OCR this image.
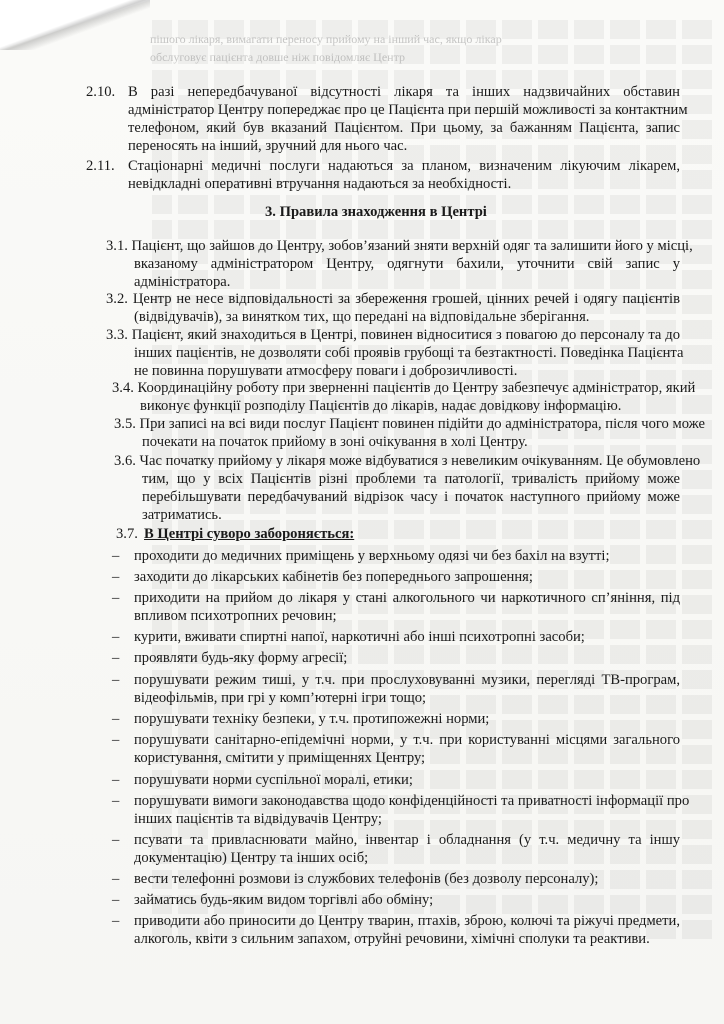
пішого лікаря, вимагати переносу прийому на інший час, якщо лікар
обслуговує пацієнта довше ніж повідомляє Центр
2.10. В разі непередбачуваної відсутності лікаря та інших надзвичайних обставин
адміністратор Центру попереджає про це Пацієнта при першій можливості за контактним
телефоном, який був вказаний Пацієнтом. При цьому, за бажанням Пацієнта, запис
переносять на інший, зручний для нього час.
2.11. Стаціонарні медичні послуги надаються за планом, визначеним лікуючим лікарем,
невідкладні оперативні втручання надаються за необхідності.
3. Правила знаходження в Центрі
3.1. Пацієнт, що зайшов до Центру, зобов’язаний зняти верхній одяг та залишити його у місці,
вказаному адміністратором Центру, одягнути бахили, уточнити свій запис у
адміністратора.
3.2. Центр не несе відповідальності за збереження грошей, цінних речей і одягу пацієнтів
(відвідувачів), за винятком тих, що передані на відповідальне зберігання.
3.3. Пацієнт, який знаходиться в Центрі, повинен відноситися з повагою до персоналу та до
інших пацієнтів, не дозволяти собі проявів грубощі та безтактності. Поведінка Пацієнта
не повинна порушувати атмосферу поваги і доброзичливості.
3.4. Координаційну роботу при зверненні пацієнтів до Центру забезпечує адміністратор, який
виконує функції розподілу Пацієнтів до лікарів, надає довідкову інформацію.
3.5. При записі на всі види послуг Пацієнт повинен підійти до адміністратора, після чого може
почекати на початок прийому в зоні очікування в холі Центру.
3.6. Час початку прийому у лікаря може відбуватися з невеликим очікуванням. Це обумовлено
тим, що у всіх Пацієнтів різні проблеми та патології, тривалість прийому може
перебільшувати передбачуваний відрізок часу і початок наступного прийому може
затриматись.
3.7. В Центрі суворо забороняється:
– проходити до медичних приміщень у верхньому одязі чи без бахіл на взутті;
– заходити до лікарських кабінетів без попереднього запрошення;
– приходити на прийом до лікаря у стані алкогольного чи наркотичного сп’яніння, під
впливом психотропних речовин;
– курити, вживати спиртні напої, наркотичні або інші психотропні засоби;
– проявляти будь-яку форму агресії;
– порушувати режим тиші, у т.ч. при прослуховуванні музики, перегляді ТВ-програм,
відеофільмів, при грі у комп’ютерні ігри тощо;
– порушувати техніку безпеки, у т.ч. протипожежні норми;
– порушувати санітарно-епідемічні норми, у т.ч. при користуванні місцями загального
користування, смітити у приміщеннях Центру;
– порушувати норми суспільної моралі, етики;
– порушувати вимоги законодавства щодо конфіденційності та приватності інформації про
інших пацієнтів та відвідувачів Центру;
– псувати та привласнювати майно, інвентар і обладнання (у т.ч. медичну та іншу
документацію) Центру та інших осіб;
– вести телефонні розмови із службових телефонів (без дозволу персоналу);
– займатись будь-яким видом торгівлі або обміну;
– приводити або приносити до Центру тварин, птахів, зброю, колючі та ріжучі предмети,
алкоголь, квіти з сильним запахом, отруйні речовини, хімічні сполуки та реактиви.
